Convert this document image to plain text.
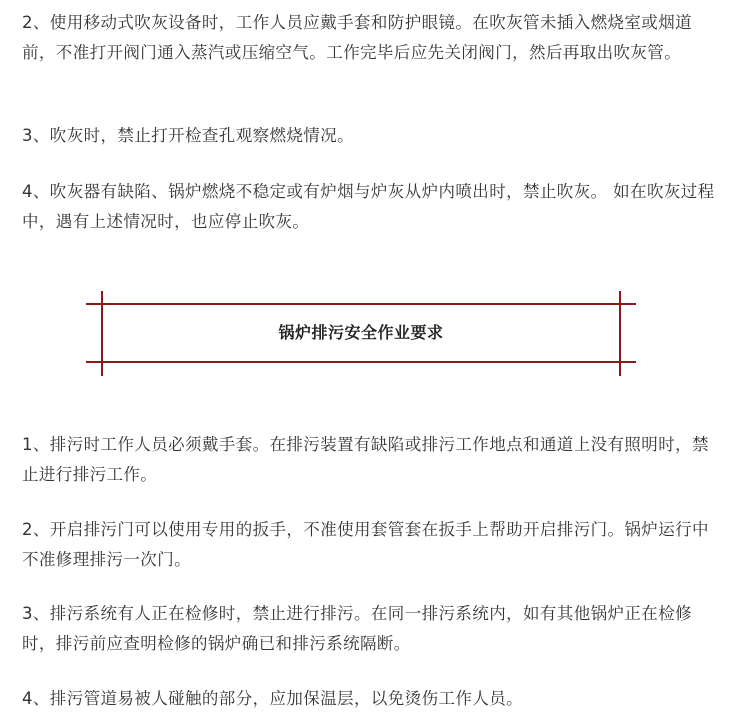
2、使用移动式吹灰设备时，工作人员应戴手套和防护眼镜。在吹灰管未插入燃烧室或烟道前，不准打开阀门通入蒸汽或压缩空气。工作完毕后应先关闭阀门，然后再取出吹灰管。

3、吹灰时，禁止打开检查孔观察燃烧情况。

4、吹灰器有缺陷、锅炉燃烧不稳定或有炉烟与炉灰从炉内喷出时，禁止吹灰。 如在吹灰过程中，遇有上述情况时，也应停止吹灰。

锅炉排污安全作业要求

1、排污时工作人员必须戴手套。在排污装置有缺陷或排污工作地点和通道上没有照明时，禁止进行排污工作。

2、开启排污门可以使用专用的扳手，不准使用套管套在扳手上帮助开启排污门。锅炉运行中不准修理排污一次门。

3、排污系统有人正在检修时，禁止进行排污。在同一排污系统内，如有其他锅炉正在检修时，排污前应查明检修的锅炉确已和排污系统隔断。

4、排污管道易被人碰触的部分，应加保温层，以免烫伤工作人员。
